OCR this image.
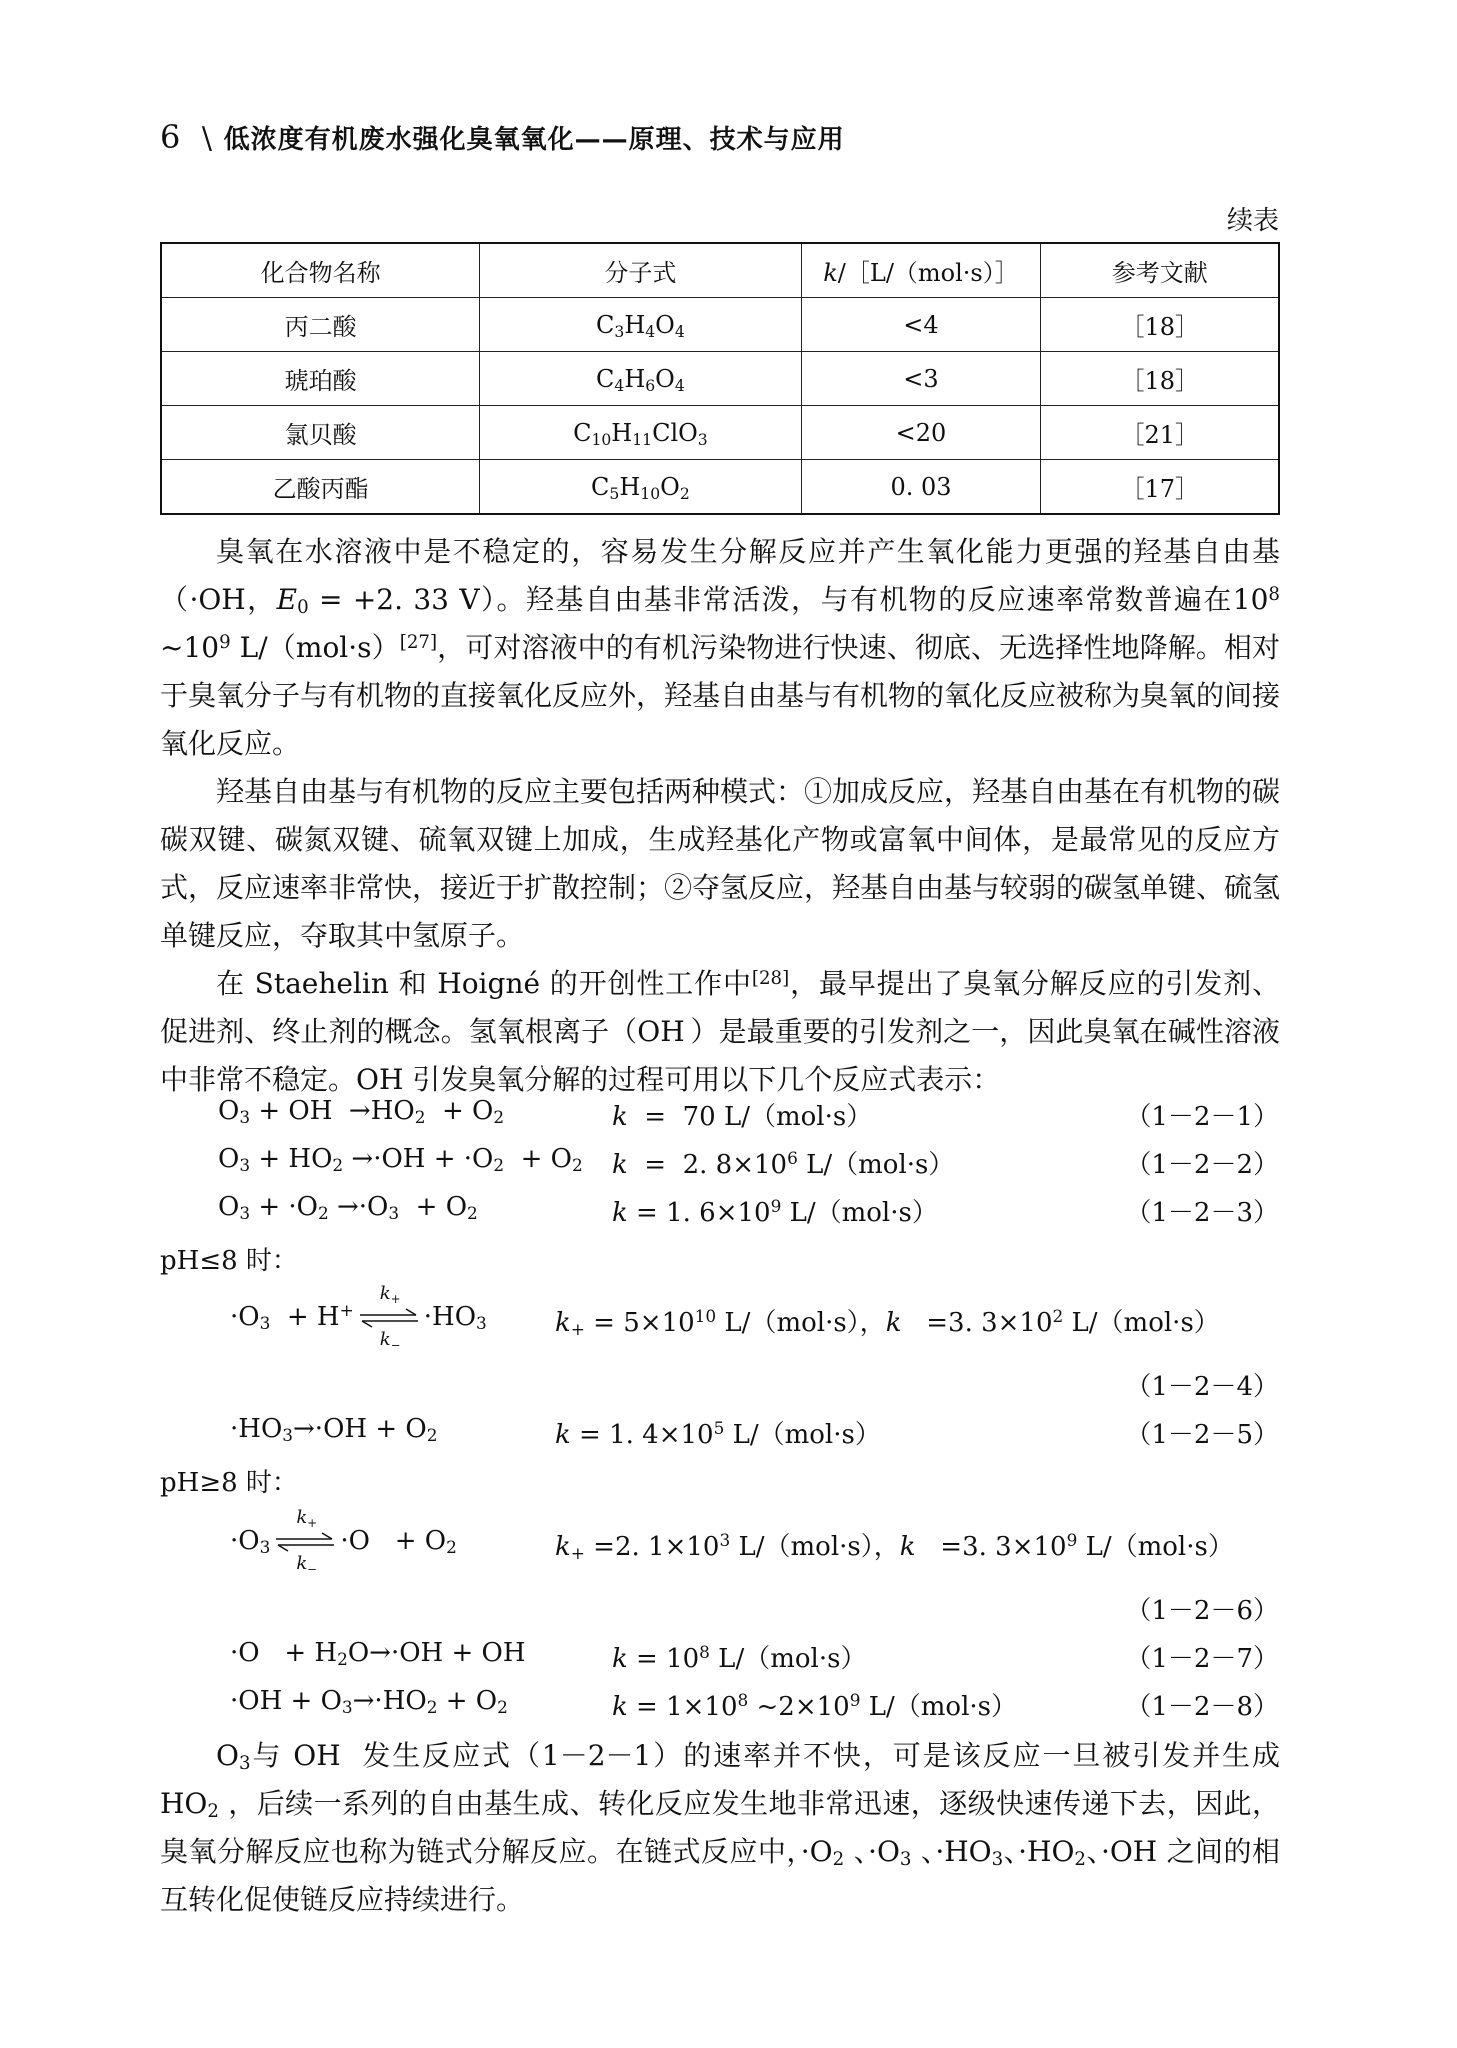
6 \ 低浓度有机废水强化臭氧氧化——原理、技术与应用
续表
化合物名称	分子式	k/［L/（mol·s）］	参考文献
丙二酸	$C_3H_4O_4$	<4	［18］
琥珀酸	$C_4H_6O_4$	<3	［18］
氯贝酸	$C_{10}H_{11}ClO_3$	<20	［21］
乙酸丙酯	$C_5H_{10}O_2$	0. 03	［17］

臭氧在水溶液中是不稳定的，容易发生分解反应并产生氧化能力更强的羟基自由基（·OH，$E_0 = +2$. 33 V）。羟基自由基非常活泼，与有机物的反应速率常数普遍在$10^8$ $\sim 10^9$ L/（mol·s）[27]，可对溶液中的有机污染物进行快速、彻底、无选择性地降解。相对于臭氧分子与有机物的直接氧化反应外，羟基自由基与有机物的氧化反应被称为臭氧的间接氧化反应。

羟基自由基与有机物的反应主要包括两种模式：①加成反应，羟基自由基在有机物的碳碳双键、碳氮双键、硫氧双键上加成，生成羟基化产物或富氧中间体，是最常见的反应方式，反应速率非常快，接近于扩散控制；②夺氢反应，羟基自由基与较弱的碳氢单键、硫氢单键反应，夺取其中氢原子。

在 Staehelin 和 Hoigné 的开创性工作中[28]，最早提出了臭氧分解反应的引发剂、促进剂、终止剂的概念。氢氧根离子（OH ）是最重要的引发剂之一，因此臭氧在碱性溶液中非常不稳定。OH 引发臭氧分解的过程可用以下几个反应式表示：

$O_3$ + OH  $\to HO_2 + O_2$	k  =  70 L/（mol·s）	（1－2－1）
$O_3 + HO_2 \to\cdot OH + \cdot O_2 + O_2$ k  =  2. $8\times 10^6$ L/（mol·s）	（1－2－2）
$O_3 + \cdot O_2 \to\cdot O_3 + O_2$	k = 1. $6\times 10^9$ L/（mol·s）	（1－2－3）
pH≤8 时：
$\cdot O_3 + H^+$
$k_+$
$k_-$
$\cdot HO_3$	$k_+ = 5\times 10^{10}$ L/（mol·s），k   =3. $3\times 10^2$ L/（mol·s）
（1－2－4）
$\cdot HO_3\to\cdot OH + O_2$	k = 1. $4\times 10^5$ L/（mol·s）	（1－2－5）
pH≥8 时：
$\cdot O_3$
$k_+$
$k_-$
$\cdot O + O_2$	$k_+ =2$. $1\times 10^3$ L/（mol·s），k   =3. $3\times 10^9$ L/（mol·s）
（1－2－6）
$\cdot O + H_2O\to\cdot OH$ + OH	$k = 10^8$ L/（mol·s）	（1－2－7）
$\cdot OH + O_3\to\cdot HO_2 + O_2$	$k = 1\times 10^8$ $\sim 2\times 10^9$ L/（mol·s）	（1－2－8）

$O_3$与 OH  发生反应式（1－2－1）的速率并不快，可是该反应一旦被引发并生成 $HO_2$ ，后续一系列的自由基生成、转化反应发生地非常迅速，逐级快速传递下去，因此，臭氧分解反应也称为链式分解反应。在链式反应中，$\cdot O_2$ 、$\cdot O_3$ 、$\cdot HO_3$、$\cdot HO_2$、·OH 之间的相互转化促使链反应持续进行。
